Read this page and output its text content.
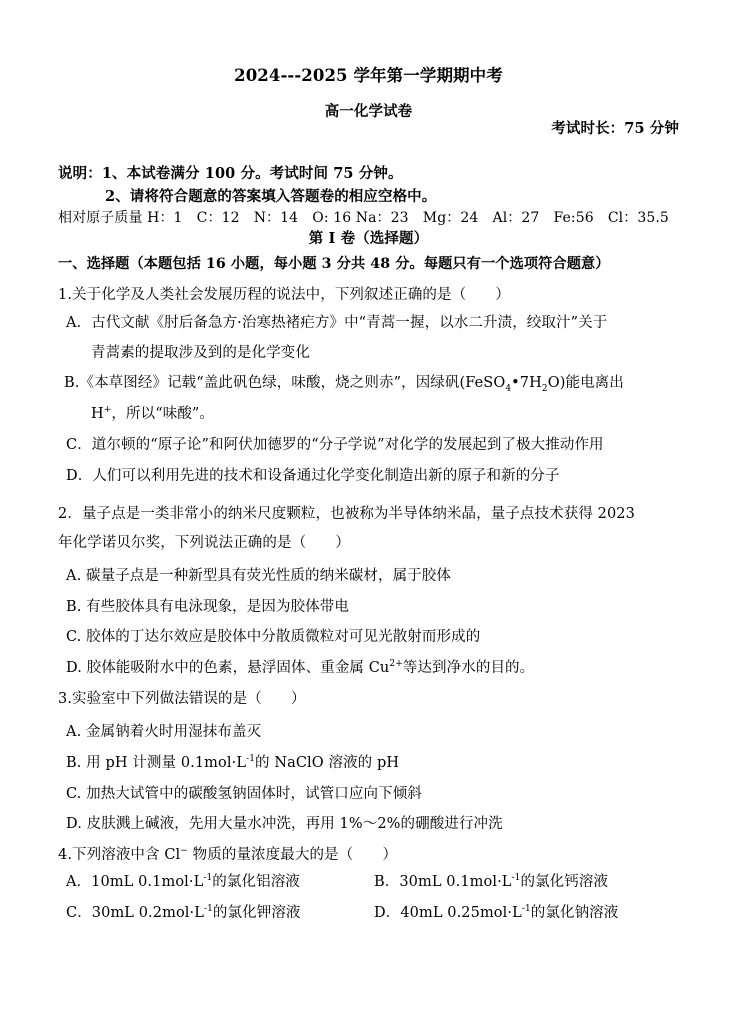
2024---2025 学年第一学期期中考
高一化学试卷
考试时长：75 分钟
说明：1、本试卷满分 100 分。考试时间 75 分钟。
2、请将符合题意的答案填入答题卷的相应空格中。
相对原子质量 H：1　C：12　N：14　O: 16 Na：23　Mg：24　Al：27　Fe:56　Cl：35.5
第 I 卷（选择题）
一、选择题（本题包括 16 小题，每小题 3 分共 48 分。每题只有一个选项符合题意）
1.关于化学及人类社会发展历程的说法中，下列叙述正确的是（　　）
A．古代文献《肘后备急方·治寒热褚疟方》中“青蒿一握，以水二升渍，绞取汁”关于
青蒿素的提取涉及到的是化学变化
B.《本草图经》记载“盖此矾色绿，味酸，烧之则赤”，因绿矾$(FeSO_4•7H_2O)$能电离出
H+，所以“味酸”。
C．道尔顿的“原子论”和阿伏加德罗的“分子学说”对化学的发展起到了极大推动作用
D．人们可以利用先进的技术和设备通过化学变化制造出新的原子和新的分子
2．量子点是一类非常小的纳米尺度颗粒，也被称为半导体纳米晶，量子点技术获得 2023
年化学诺贝尔奖，下列说法正确的是（　　）
A. 碳量子点是一种新型具有荧光性质的纳米碳材，属于胶体
B. 有些胶体具有电泳现象，是因为胶体带电
C. 胶体的丁达尔效应是胶体中分散质微粒对可见光散射而形成的
D. 胶体能吸附水中的色素，悬浮固体、重金属 $Cu^{2+}$等达到净水的目的。
3.实验室中下列做法错误的是（　　）
A. 金属钠着火时用湿抹布盖灭
B. 用 pH 计测量 $0.1mol\cdot L^{-1}$的 NaClO 溶液的 pH
C. 加热大试管中的碳酸氢钠固体时，试管口应向下倾斜
D. 皮肤溅上碱液，先用大量水冲洗，再用 1%～2%的硼酸进行冲洗
4.下列溶液中含 Cl− 物质的量浓度最大的是（　　）
A．10mL $0.1mol\cdot L^{-1}$的氯化铝溶液	B．30mL $0.1mol\cdot L^{-1}$的氯化钙溶液
C．30mL $0.2mol\cdot L^{-1}$的氯化钾溶液	D．40mL $0.25mol\cdot L^{-1}$的氯化钠溶液
